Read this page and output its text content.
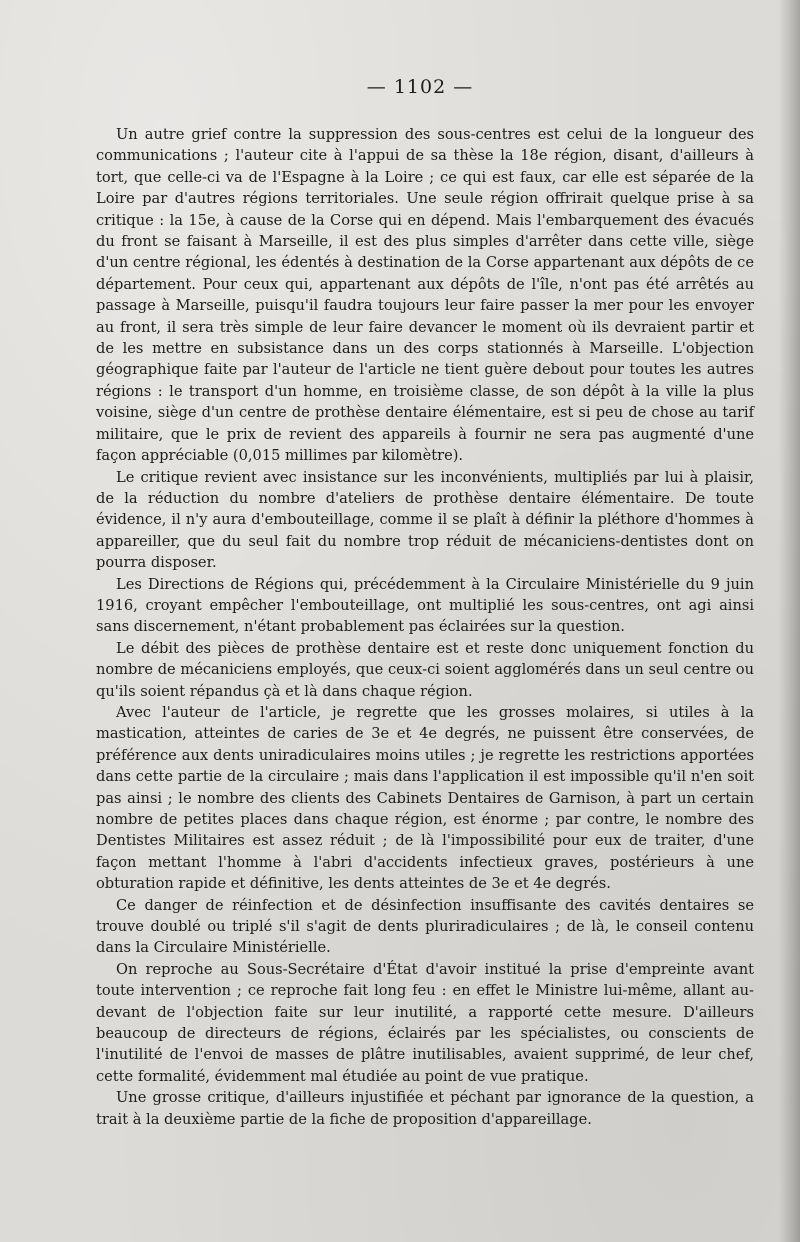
— 1102 —

Un autre grief contre la suppression des sous-centres est celui de la longueur des communications ; l'auteur cite à l'appui de sa thèse la 18e région, disant, d'ailleurs à tort, que celle-ci va de l'Espagne à la Loire ; ce qui est faux, car elle est séparée de la Loire par d'autres régions territoriales. Une seule région offrirait quelque prise à sa critique : la 15e, à cause de la Corse qui en dépend. Mais l'embarquement des évacués du front se faisant à Marseille, il est des plus simples d'arrêter dans cette ville, siège d'un centre régional, les édentés à destination de la Corse appartenant aux dépôts de ce département. Pour ceux qui, appartenant aux dépôts de l'île, n'ont pas été arrêtés au passage à Marseille, puisqu'il faudra toujours leur faire passer la mer pour les envoyer au front, il sera très simple de leur faire devancer le moment où ils devraient partir et de les mettre en subsistance dans un des corps stationnés à Marseille. L'objection géographique faite par l'auteur de l'article ne tient guère debout pour toutes les autres régions : le transport d'un homme, en troisième classe, de son dépôt à la ville la plus voisine, siège d'un centre de prothèse dentaire élémentaire, est si peu de chose au tarif militaire, que le prix de revient des appareils à fournir ne sera pas augmenté d'une façon appréciable (0,015 millimes par kilomètre).

Le critique revient avec insistance sur les inconvénients, multipliés par lui à plaisir, de la réduction du nombre d'ateliers de prothèse dentaire élémentaire. De toute évidence, il n'y aura d'embouteillage, comme il se plaît à définir la pléthore d'hommes à appareiller, que du seul fait du nombre trop réduit de mécaniciens-dentistes dont on pourra disposer.

Les Directions de Régions qui, précédemment à la Circulaire Ministérielle du 9 juin 1916, croyant empêcher l'embouteillage, ont multiplié les sous-centres, ont agi ainsi sans discernement, n'étant probablement pas éclairées sur la question.

Le débit des pièces de prothèse dentaire est et reste donc uniquement fonction du nombre de mécaniciens employés, que ceux-ci soient agglomérés dans un seul centre ou qu'ils soient répandus çà et là dans chaque région.

Avec l'auteur de l'article, je regrette que les grosses molaires, si utiles à la mastication, atteintes de caries de 3e et 4e degrés, ne puissent être conservées, de préférence aux dents uniradiculaires moins utiles ; je regrette les restrictions apportées dans cette partie de la circulaire ; mais dans l'application il est impossible qu'il n'en soit pas ainsi ; le nombre des clients des Cabinets Dentaires de Garnison, à part un certain nombre de petites places dans chaque région, est énorme ; par contre, le nombre des Dentistes Militaires est assez réduit ; de là l'impossibilité pour eux de traiter, d'une façon mettant l'homme à l'abri d'accidents infectieux graves, postérieurs à une obturation rapide et définitive, les dents atteintes de 3e et 4e degrés.

Ce danger de réinfection et de désinfection insuffisante des cavités dentaires se trouve doublé ou triplé s'il s'agit de dents pluriradiculaires ; de là, le conseil contenu dans la Circulaire Ministérielle.

On reproche au Sous-Secrétaire d'État d'avoir institué la prise d'empreinte avant toute intervention ; ce reproche fait long feu : en effet le Ministre lui-même, allant au-devant de l'objection faite sur leur inutilité, a rapporté cette mesure. D'ailleurs beaucoup de directeurs de régions, éclairés par les spécialistes, ou conscients de l'inutilité de l'envoi de masses de plâtre inutilisables, avaient supprimé, de leur chef, cette formalité, évidemment mal étudiée au point de vue pratique.

Une grosse critique, d'ailleurs injustifiée et péchant par ignorance de la question, a trait à la deuxième partie de la fiche de proposition d'appareillage.
